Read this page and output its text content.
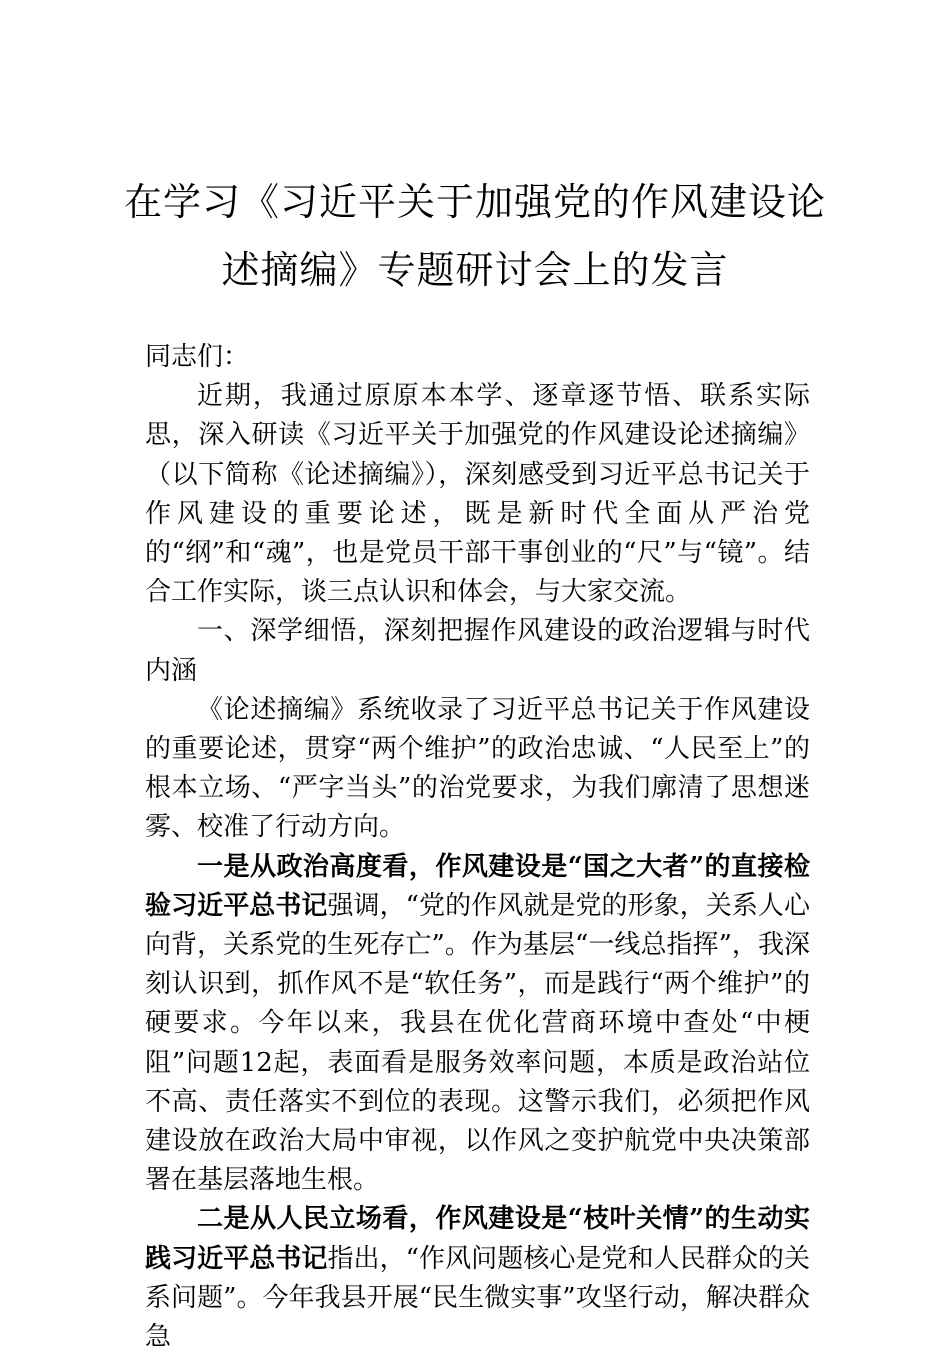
在学习《习近平关于加强党的作风建设论
述摘编》专题研讨会上的发言

同志们：

近期，我通过原原本本学、逐章逐节悟、联系实际思，深入研读《习近平关于加强党的作风建设论述摘编》（以下简称《论述摘编》），深刻感受到习近平总书记关于作风建设的重要论述，既是新时代全面从严治党的“纲”和“魂”，也是党员干部干事创业的“尺”与“镜”。结合工作实际，谈三点认识和体会，与大家交流。

一、深学细悟，深刻把握作风建设的政治逻辑与时代内涵

《论述摘编》系统收录了习近平总书记关于作风建设的重要论述，贯穿“两个维护”的政治忠诚、“人民至上”的根本立场、“严字当头”的治党要求，为我们廓清了思想迷雾、校准了行动方向。

一是从政治高度看，作风建设是“国之大者”的直接检验习近平总书记强调，“党的作风就是党的形象，关系人心向背，关系党的生死存亡”。作为基层“一线总指挥”，我深刻认识到，抓作风不是“软任务”，而是践行“两个维护”的硬要求。今年以来，我县在优化营商环境中查处“中梗阻”问题12起，表面看是服务效率问题，本质是政治站位不高、责任落实不到位的表现。这警示我们，必须把作风建设放在政治大局中审视，以作风之变护航党中央决策部署在基层落地生根。

二是从人民立场看，作风建设是“枝叶关情”的生动实践习近平总书记指出，“作风问题核心是党和人民群众的关系问题”。今年我县开展“民生微实事”攻坚行动，解决群众急
